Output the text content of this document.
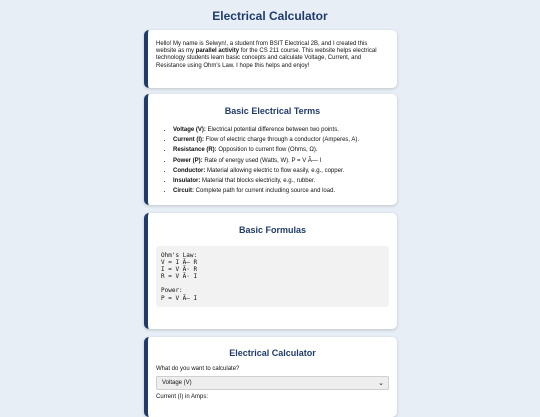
Electrical Calculator

Hello! My name is Selwyn!, a student from BSIT Electrical 2B, and I created this website as my parallel activity for the CS 211 course. This website helps electrical technology students learn basic concepts and calculate Voltage, Current, and Resistance using Ohm's Law. I hope this helps and enjoy!

Basic Electrical Terms
• Voltage (V): Electrical potential difference between two points.
• Current (I): Flow of electric charge through a conductor (Amperes, A).
• Resistance (R): Opposition to current flow (Ohms, Ω).
• Power (P): Rate of energy used (Watts, W). P = V Ã— I
• Conductor: Material allowing electric to flow easily, e.g., copper.
• Insulator: Material that blocks electricity, e.g., rubber.
• Circuit: Complete path for current including source and load.
Basic Formulas
Ohm's Law:
V = I Ã— R
I = V Ã· R
R = V Ã· I

Power:
P = V Ã— I
Electrical Calculator
What do you want to calculate?
Voltage (V)	⌄
Current (I) in Amps:
